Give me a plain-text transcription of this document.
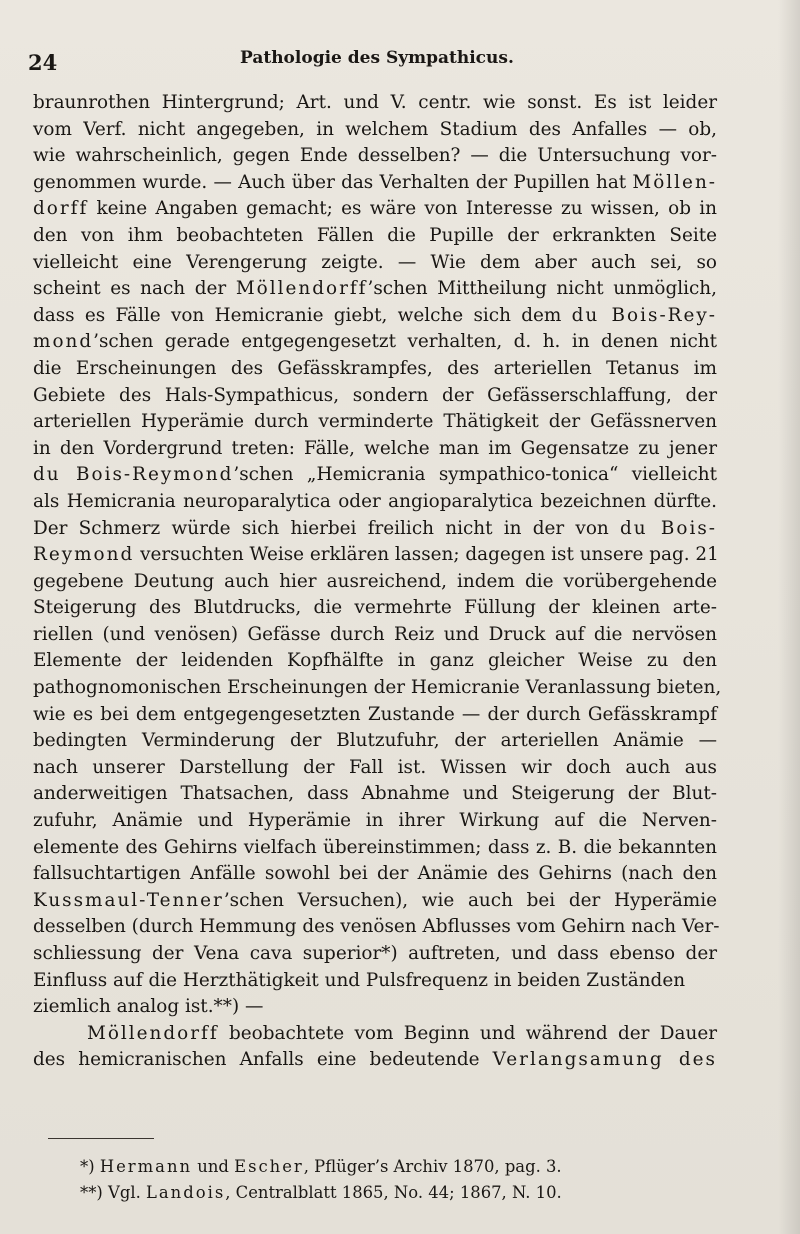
24	Pathologie des Sympathicus.
braunrothen Hintergrund; Art. und V. centr. wie sonst. Es ist leider
vom Verf. nicht angegeben, in welchem Stadium des Anfalles — ob,
wie wahrscheinlich, gegen Ende desselben? — die Untersuchung vor-
genommen wurde. — Auch über das Verhalten der Pupillen hat Möllen-
dorff keine Angaben gemacht; es wäre von Interesse zu wissen, ob in
den von ihm beobachteten Fällen die Pupille der erkrankten Seite
vielleicht eine Verengerung zeigte. — Wie dem aber auch sei, so
scheint es nach der Möllendorff’schen Mittheilung nicht unmöglich,
dass es Fälle von Hemicranie giebt, welche sich dem du Bois-Rey-
mond’schen gerade entgegengesetzt verhalten, d. h. in denen nicht
die Erscheinungen des Gefässkrampfes, des arteriellen Tetanus im
Gebiete des Hals-Sympathicus, sondern der Gefässerschlaffung, der
arteriellen Hyperämie durch verminderte Thätigkeit der Gefässnerven
in den Vordergrund treten: Fälle, welche man im Gegensatze zu jener
du Bois-Reymond’schen „Hemicrania sympathico-tonica“ vielleicht
als Hemicrania neuroparalytica oder angioparalytica bezeichnen dürfte.
Der Schmerz würde sich hierbei freilich nicht in der von du Bois-
Reymond versuchten Weise erklären lassen; dagegen ist unsere pag. 21
gegebene Deutung auch hier ausreichend, indem die vorübergehende
Steigerung des Blutdrucks, die vermehrte Füllung der kleinen arte-
riellen (und venösen) Gefässe durch Reiz und Druck auf die nervösen
Elemente der leidenden Kopfhälfte in ganz gleicher Weise zu den
pathognomonischen Erscheinungen der Hemicranie Veranlassung bieten,
wie es bei dem entgegengesetzten Zustande — der durch Gefässkrampf
bedingten Verminderung der Blutzufuhr, der arteriellen Anämie —
nach unserer Darstellung der Fall ist. Wissen wir doch auch aus
anderweitigen Thatsachen, dass Abnahme und Steigerung der Blut-
zufuhr, Anämie und Hyperämie in ihrer Wirkung auf die Nerven-
elemente des Gehirns vielfach übereinstimmen; dass z. B. die bekannten
fallsuchtartigen Anfälle sowohl bei der Anämie des Gehirns (nach den
Kussmaul-Tenner’schen Versuchen), wie auch bei der Hyperämie
desselben (durch Hemmung des venösen Abflusses vom Gehirn nach Ver-
schliessung der Vena cava superior*) auftreten, und dass ebenso der
Einfluss auf die Herzthätigkeit und Pulsfrequenz in beiden Zuständen
ziemlich analog ist.**) —
Möllendorff beobachtete vom Beginn und während der Dauer
des hemicranischen Anfalls eine bedeutende Verlangsamung des
*) Hermann und Escher, Pflüger’s Archiv 1870, pag. 3.
**) Vgl. Landois, Centralblatt 1865, No. 44; 1867, N. 10.
